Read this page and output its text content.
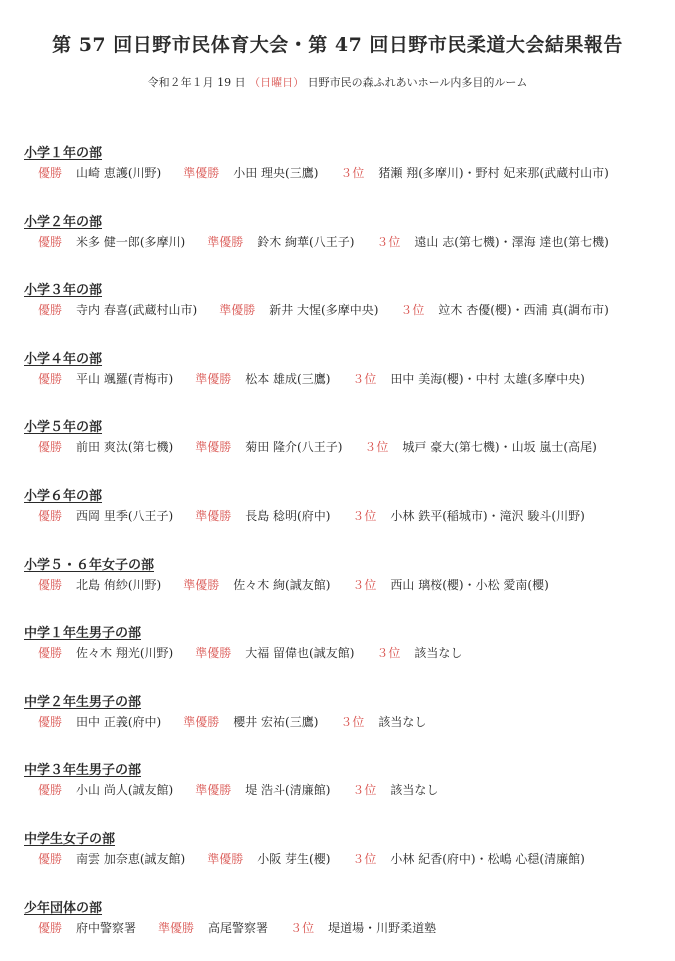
第 57 回日野市民体育大会・第 47 回日野市民柔道大会結果報告
令和２年１月 19 日 （日曜日） 日野市民の森ふれあいホール内多目的ルーム
小学１年の部
優勝 山崎 恵護(川野) 準優勝 小田 理央(三鷹) ３位 猪瀬 翔(多摩川)・野村 妃来那(武蔵村山市)
小学２年の部
優勝 米多 健一郎(多摩川) 準優勝 鈴木 絢華(八王子) ３位 遠山 志(第七機)・澤海 達也(第七機)
小学３年の部
優勝 寺内 春喜(武蔵村山市) 準優勝 新井 大惺(多摩中央) ３位 竝木 杏優(櫻)・西浦 真(調布市)
小学４年の部
優勝 平山 颯羅(青梅市) 準優勝 松本 雄成(三鷹) ３位 田中 美海(櫻)・中村 太雄(多摩中央)
小学５年の部
優勝 前田 爽汰(第七機) 準優勝 菊田 隆介(八王子) ３位 城戸 豪大(第七機)・山坂 嵐士(高尾)
小学６年の部
優勝 西岡 里季(八王子) 準優勝 長島 稔明(府中) ３位 小林 鉄平(稲城市)・滝沢 駿斗(川野)
小学５・６年女子の部
優勝 北島 侑紗(川野) 準優勝 佐々木 絢(誠友館) ３位 西山 璃桜(櫻)・小松 愛南(櫻)
中学１年生男子の部
優勝 佐々木 翔光(川野) 準優勝 大福 留偉也(誠友館) ３位 該当なし
中学２年生男子の部
優勝 田中 正義(府中) 準優勝 櫻井 宏祐(三鷹) ３位 該当なし
中学３年生男子の部
優勝 小山 尚人(誠友館) 準優勝 堤 浩斗(清廉館) ３位 該当なし
中学生女子の部
優勝 南雲 加奈恵(誠友館) 準優勝 小阪 芽生(櫻) ３位 小林 紀香(府中)・松嶋 心穏(清廉館)
少年団体の部
優勝 府中警察署 準優勝 高尾警察署 ３位 堤道場・川野柔道塾
